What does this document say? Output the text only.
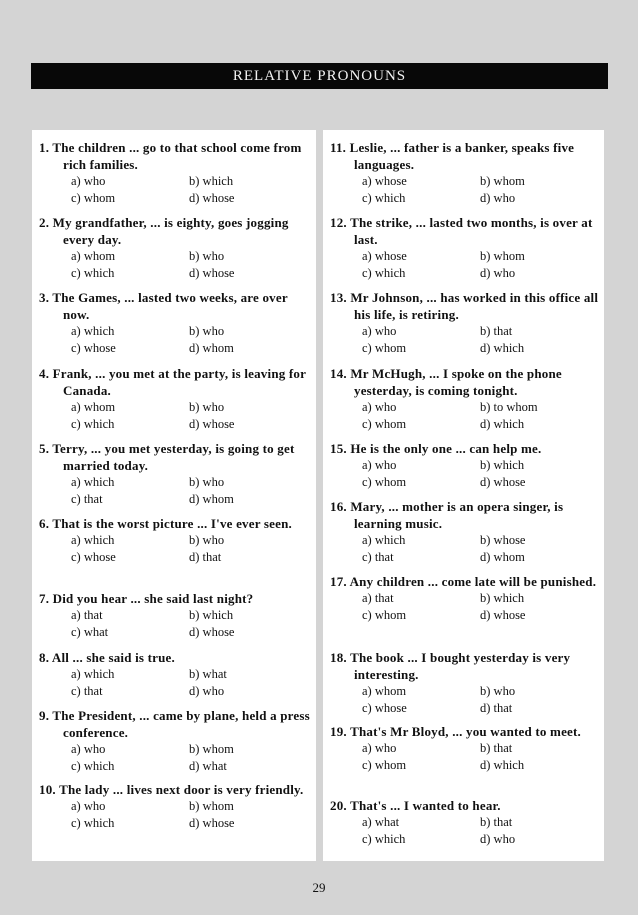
RELATIVE PRONOUNS
1. The children ... go to that school come from rich families.
a) who	b) which
c) whom	d) whose
2. My grandfather, ... is eighty, goes jogging every day.
a) whom	b) who
c) which	d) whose
3. The Games, ... lasted two weeks, are over now.
a) which	b) who
c) whose	d) whom
4. Frank, ... you met at the party, is leaving for Canada.
a) whom	b) who
c) which	d) whose
5. Terry, ... you met yesterday, is going to get married today.
a) which	b) who
c) that	d) whom
6. That is the worst picture ... I've ever seen.
a) which	b) who
c) whose	d) that
7. Did you hear ... she said last night?
a) that	b) which
c) what	d) whose
8. All ... she said is true.
a) which	b) what
c) that	d) who
9. The President, ... came by plane, held a press conference.
a) who	b) whom
c) which	d) what
10. The lady ... lives next door is very friendly.
a) who	b) whom
c) which	d) whose
11. Leslie, ... father is a banker, speaks five languages.
a) whose	b) whom
c) which	d) who
12. The strike, ... lasted two months, is over at last.
a) whose	b) whom
c) which	d) who
13. Mr Johnson, ... has worked in this office all his life, is retiring.
a) who	b) that
c) whom	d) which
14. Mr McHugh, ... I spoke on the phone yesterday, is coming tonight.
a) who	b) to whom
c) whom	d) which
15. He is the only one ... can help me.
a) who	b) which
c) whom	d) whose
16. Mary, ... mother is an opera singer, is learning music.
a) which	b) whose
c) that	d) whom
17. Any children ... come late will be punished.
a) that	b) which
c) whom	d) whose
18. The book ... I bought yesterday is very interesting.
a) whom	b) who
c) whose	d) that
19. That's Mr Bloyd, ... you wanted to meet.
a) who	b) that
c) whom	d) which
20. That's ... I wanted to hear.
a) what	b) that
c) which	d) who
29
